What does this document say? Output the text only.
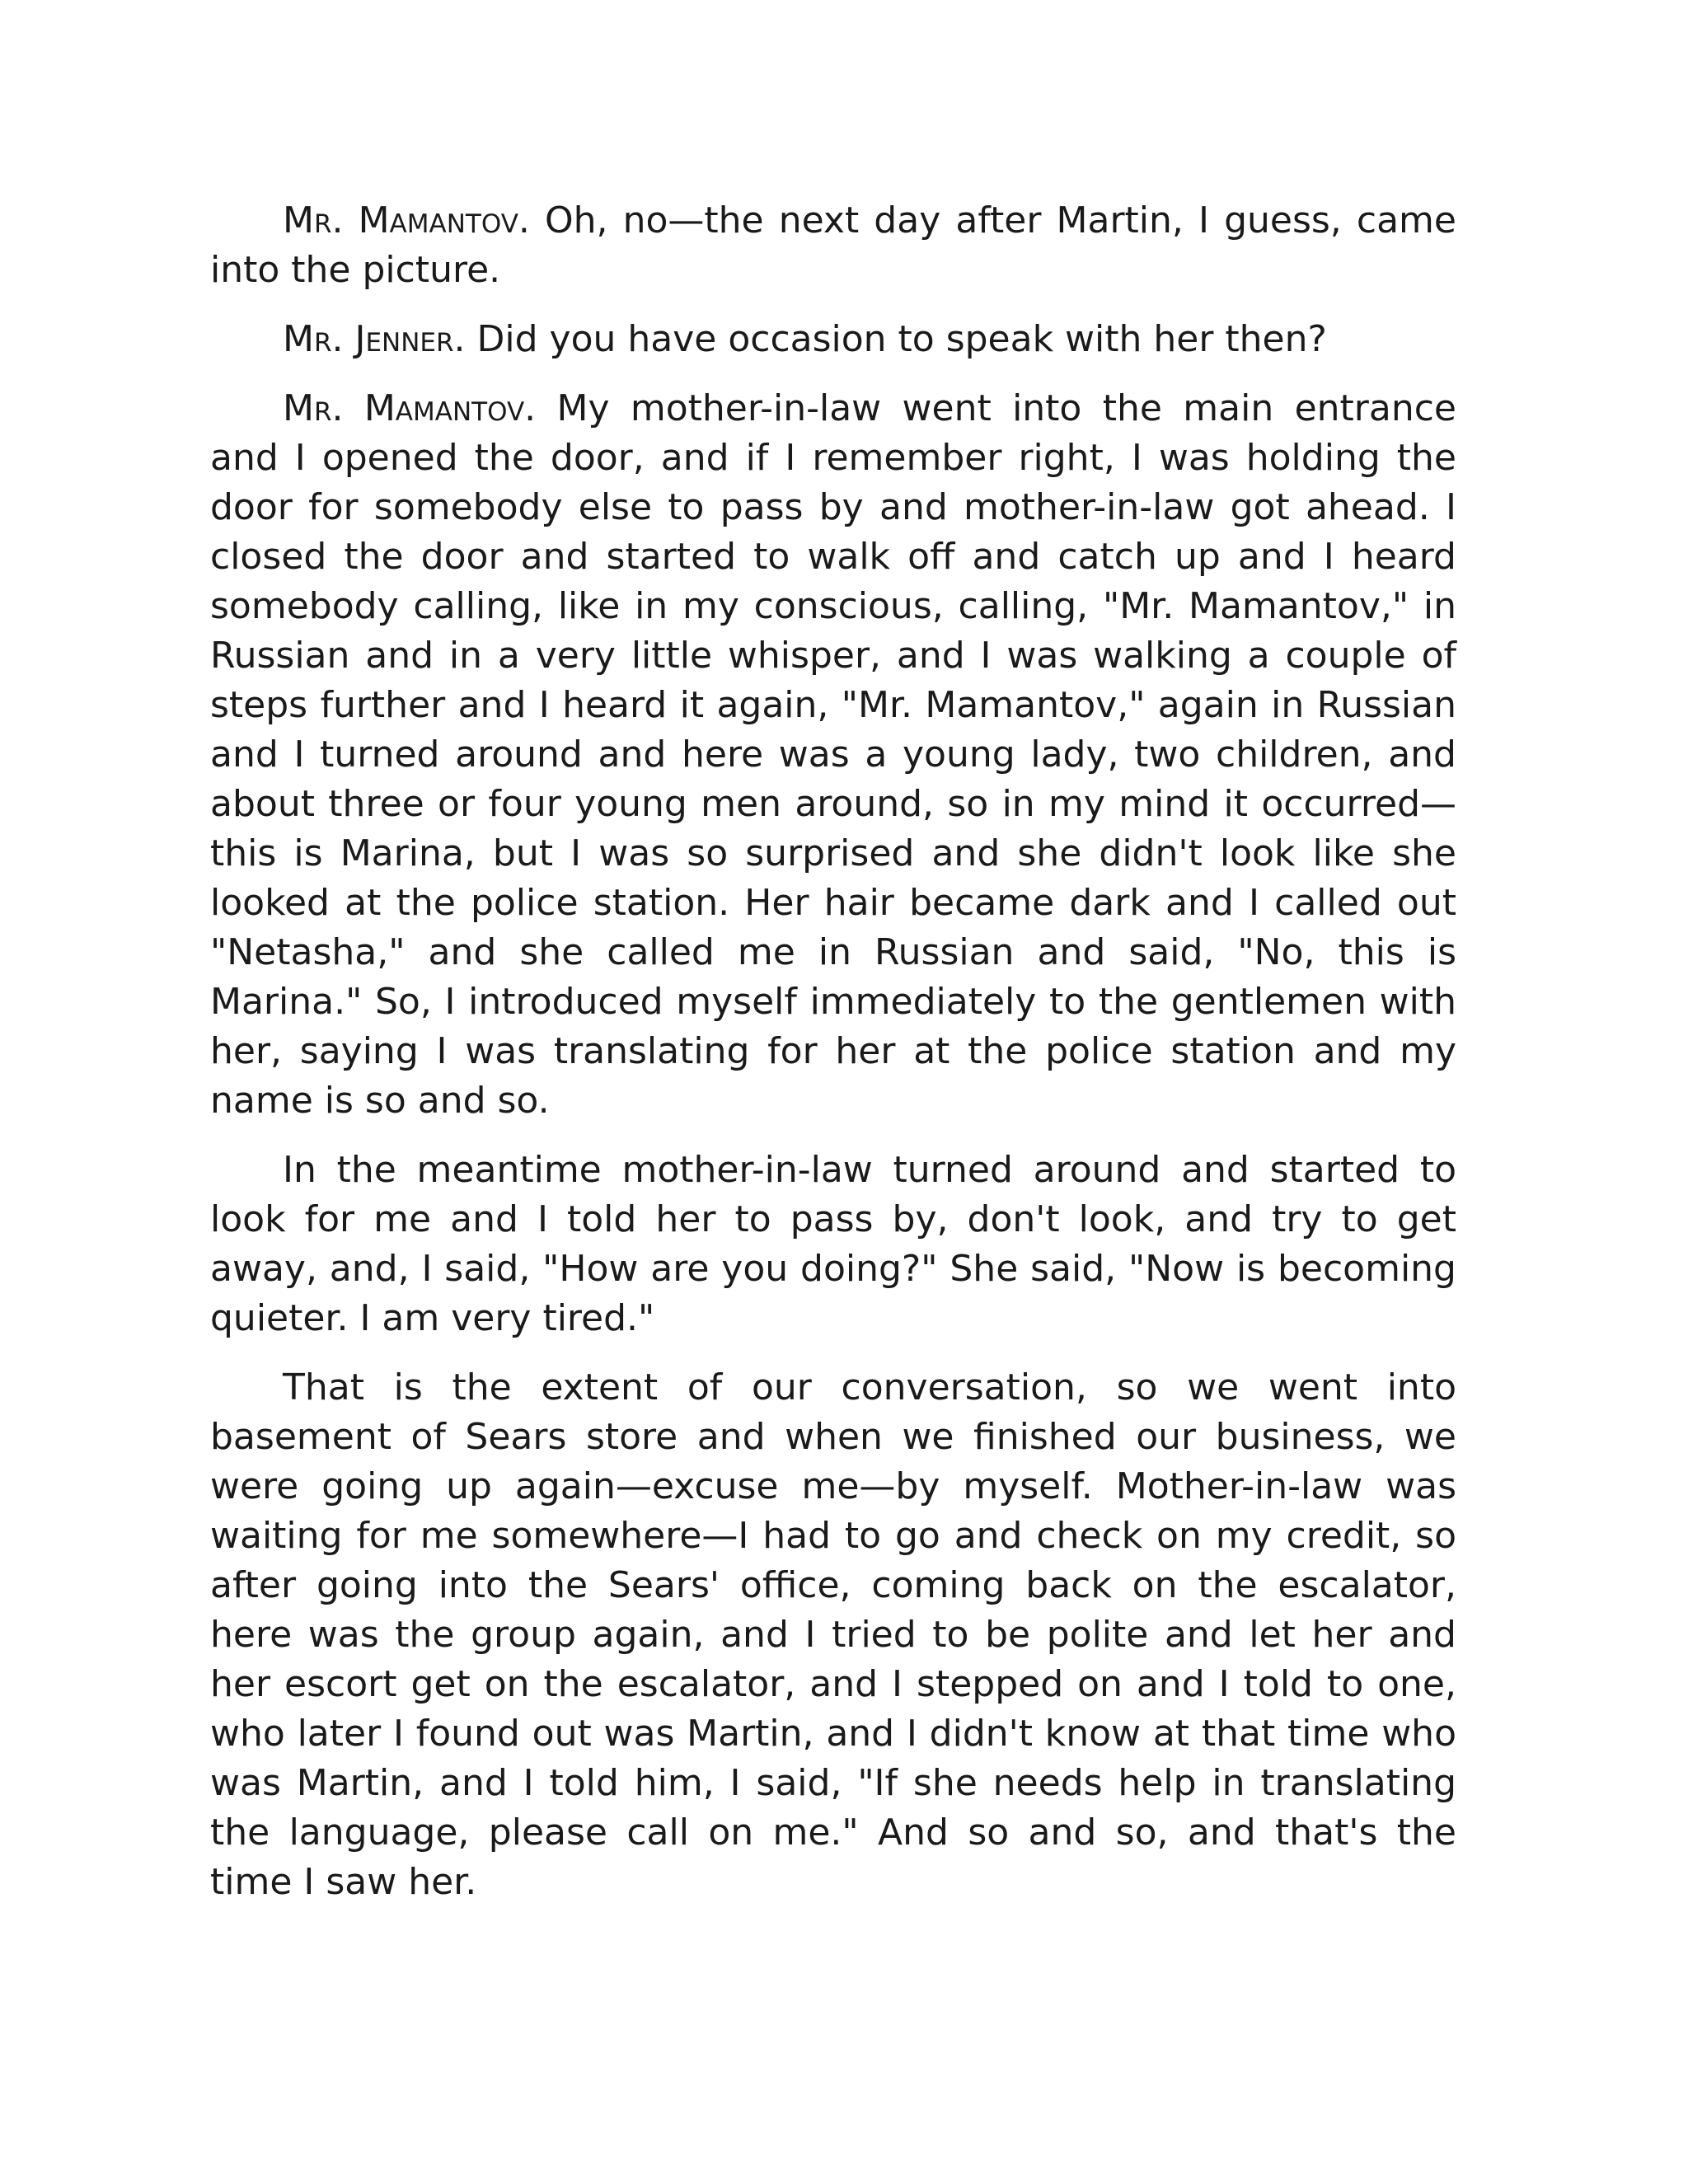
Mr. Mamantov. Oh, no—the next day after Martin, I guess, came into the picture.

Mr. Jenner. Did you have occasion to speak with her then?

Mr. Mamantov. My mother-in-law went into the main entrance and I opened the door, and if I remember right, I was holding the door for somebody else to pass by and mother-in-law got ahead. I closed the door and started to walk off and catch up and I heard somebody calling, like in my conscious, calling, "Mr. Mamantov," in Russian and in a very little whisper, and I was walking a couple of steps further and I heard it again, "Mr. Mamantov," again in Russian and I turned around and here was a young lady, two children, and about three or four young men around, so in my mind it occurred—this is Marina, but I was so surprised and she didn't look like she looked at the police station. Her hair became dark and I called out "Netasha," and she called me in Russian and said, "No, this is Marina." So, I introduced myself immediately to the gentlemen with her, saying I was translating for her at the police station and my name is so and so.

In the meantime mother-in-law turned around and started to look for me and I told her to pass by, don't look, and try to get away, and, I said, "How are you doing?" She said, "Now is becoming quieter. I am very tired."

That is the extent of our conversation, so we went into basement of Sears store and when we finished our business, we were going up again—excuse me—by myself. Mother-in-law was waiting for me somewhere—I had to go and check on my credit, so after going into the Sears' office, coming back on the escalator, here was the group again, and I tried to be polite and let her and her escort get on the escalator, and I stepped on and I told to one, who later I found out was Martin, and I didn't know at that time who was Martin, and I told him, I said, "If she needs help in translating the language, please call on me." And so and so, and that's the time I saw her.
